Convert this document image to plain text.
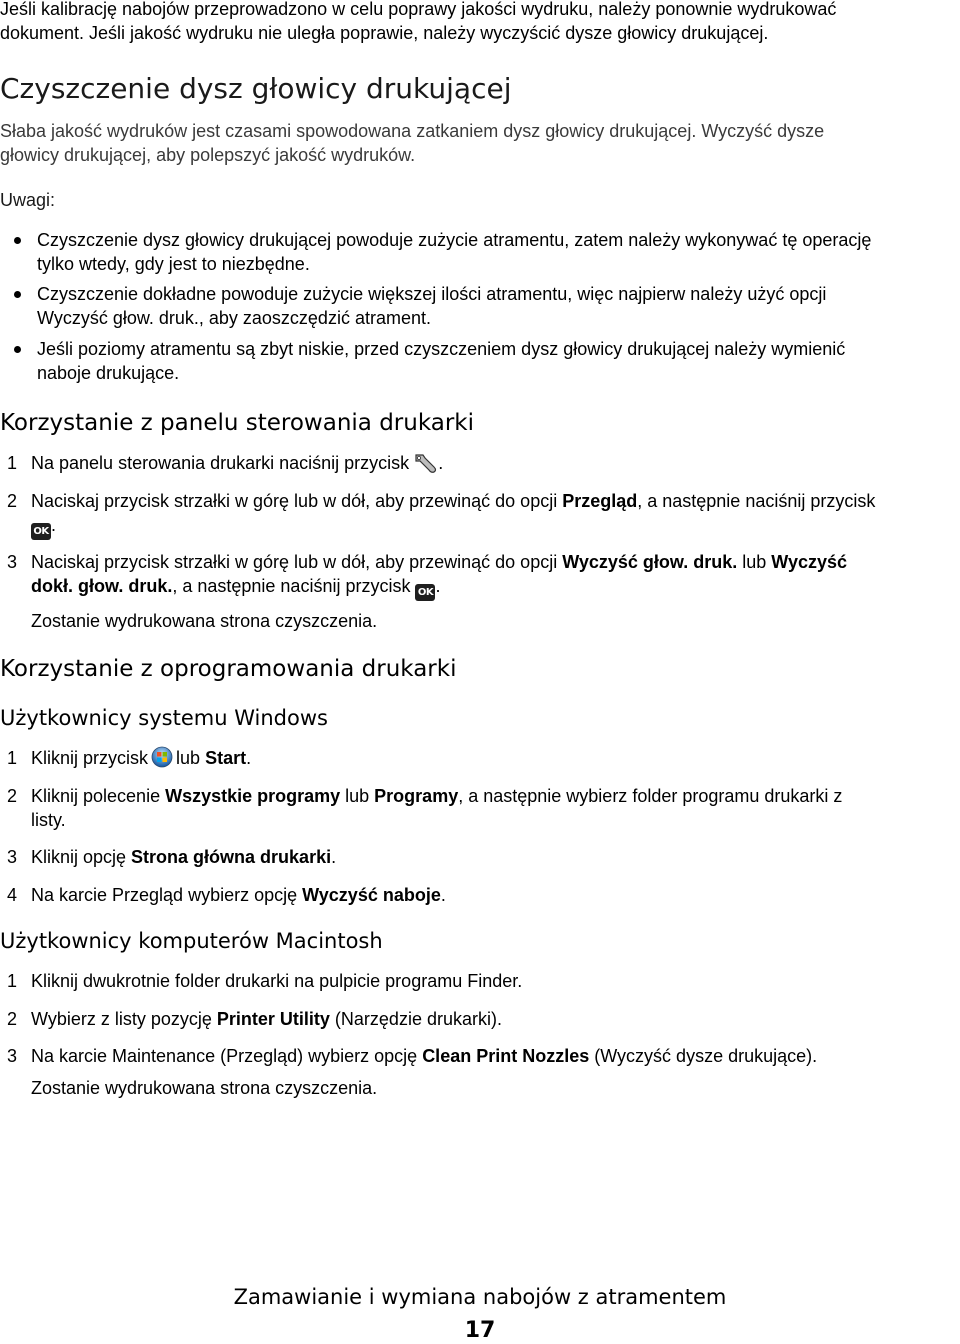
Jeśli kalibrację nabojów przeprowadzono w celu poprawy jakości wydruku, należy ponownie wydrukować

dokument. Jeśli jakość wydruku nie uległa poprawie, należy wyczyścić dysze głowicy drukującej.

Czyszczenie dysz głowicy drukującej

Słaba jakość wydruków jest czasami spowodowana zatkaniem dysz głowicy drukującej. Wyczyść dysze

głowicy drukującej, aby polepszyć jakość wydruków.

Uwagi:

Czyszczenie dysz głowicy drukującej powoduje zużycie atramentu, zatem należy wykonywać tę operację
tylko wtedy, gdy jest to niezbędne.
Czyszczenie dokładne powoduje zużycie większej ilości atramentu, więc najpierw należy użyć opcji
Wyczyść głow. druk., aby zaoszczędzić atrament.
Jeśli poziomy atramentu są zbyt niskie, przed czyszczeniem dysz głowicy drukującej należy wymienić
naboje drukujące.
Korzystanie z panelu sterowania drukarki
1 Na panelu sterowania drukarki naciśnij przycisk .
2 Naciskaj przycisk strzałki w górę lub w dół, aby przewinąć do opcji Przegląd, a następnie naciśnij przycisk
OK .
3 Naciskaj przycisk strzałki w górę lub w dół, aby przewinąć do opcji Wyczyść głow. druk. lub Wyczyść
dokł. głow. druk., a następnie naciśnij przycisk OK .
Zostanie wydrukowana strona czyszczenia.
Korzystanie z oprogramowania drukarki
Użytkownicy systemu Windows
1 Kliknij przycisk lub Start.
2 Kliknij polecenie Wszystkie programy lub Programy, a następnie wybierz folder programu drukarki z
listy.
3 Kliknij opcję Strona główna drukarki.
4 Na karcie Przegląd wybierz opcję Wyczyść naboje.
Użytkownicy komputerów Macintosh
1 Kliknij dwukrotnie folder drukarki na pulpicie programu Finder.
2 Wybierz z listy pozycję Printer Utility (Narzędzie drukarki).
3 Na karcie Maintenance (Przegląd) wybierz opcję Clean Print Nozzles (Wyczyść dysze drukujące).
Zostanie wydrukowana strona czyszczenia.
Zamawianie i wymiana nabojów z atramentem
17
